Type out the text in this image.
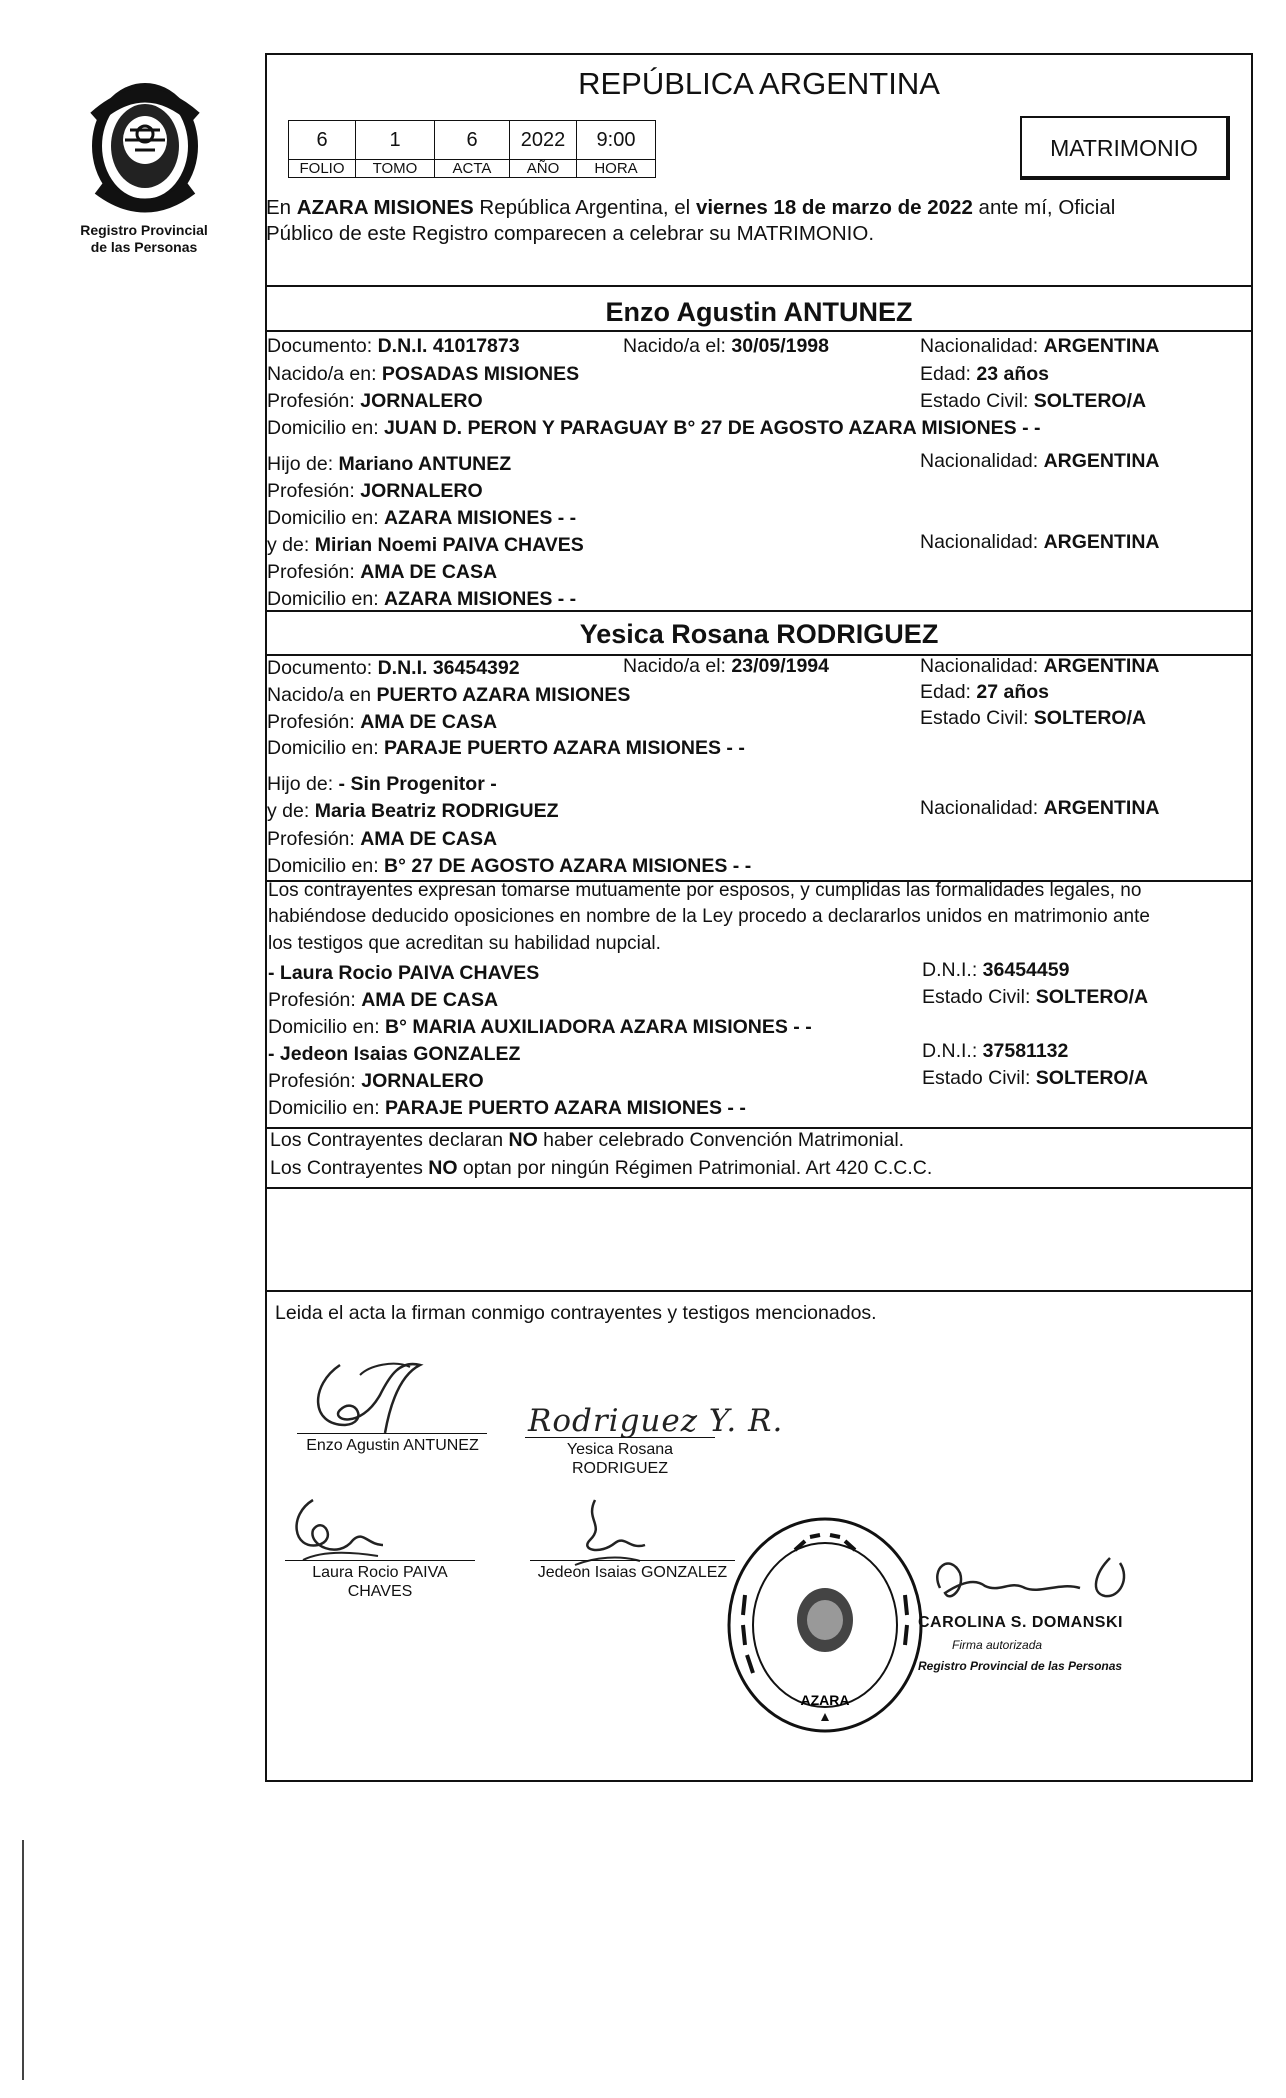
Registro Provincial
de las Personas
REPÚBLICA ARGENTINA
6	1	6	2022	9:00
FOLIO	TOMO	ACTA	AÑO	HORA
MATRIMONIO
En AZARA MISIONES República Argentina, el viernes 18 de marzo de 2022 ante mí, Oficial
Público de este Registro comparecen a celebrar su MATRIMONIO.
Enzo Agustin ANTUNEZ
Documento: D.N.I. 41017873	Nacido/a el: 30/05/1998	Nacionalidad: ARGENTINA
Nacido/a en: POSADAS MISIONES	Edad: 23 años
Profesión: JORNALERO	Estado Civil: SOLTERO/A
Domicilio en: JUAN D. PERON Y PARAGUAY B° 27 DE AGOSTO AZARA MISIONES - -
Hijo de: Mariano ANTUNEZ	Nacionalidad: ARGENTINA
Profesión: JORNALERO
Domicilio en: AZARA MISIONES - -
y de: Mirian Noemi PAIVA CHAVES	Nacionalidad: ARGENTINA
Profesión: AMA DE CASA
Domicilio en: AZARA MISIONES - -
Yesica Rosana RODRIGUEZ
Documento: D.N.I. 36454392	Nacido/a el: 23/09/1994	Nacionalidad: ARGENTINA
Nacido/a en PUERTO AZARA MISIONES	Edad: 27 años
Profesión: AMA DE CASA	Estado Civil: SOLTERO/A
Domicilio en: PARAJE PUERTO AZARA MISIONES - -
Hijo de: - Sin Progenitor -
y de: Maria Beatriz RODRIGUEZ	Nacionalidad: ARGENTINA
Profesión: AMA DE CASA
Domicilio en: B° 27 DE AGOSTO AZARA MISIONES - -
Los contrayentes expresan tomarse mutuamente por esposos, y cumplidas las formalidades legales, no
habiéndose deducido oposiciones en nombre de la Ley procedo a declararlos unidos en matrimonio ante
los testigos que acreditan su habilidad nupcial.
- Laura Rocio PAIVA CHAVES	D.N.I.: 36454459
Profesión: AMA DE CASA	Estado Civil: SOLTERO/A
Domicilio en: B° MARIA AUXILIADORA AZARA MISIONES - -
- Jedeon Isaias GONZALEZ	D.N.I.: 37581132
Profesión: JORNALERO	Estado Civil: SOLTERO/A
Domicilio en: PARAJE PUERTO AZARA MISIONES - -
Los Contrayentes declaran NO haber celebrado Convención Matrimonial.
Los Contrayentes NO optan por ningún Régimen Patrimonial. Art 420 C.C.C.
Leida el acta la firman conmigo contrayentes y testigos mencionados.
Enzo Agustin ANTUNEZ
Rodriguez Y. R.
Yesica Rosana
RODRIGUEZ
Laura Rocio PAIVA
CHAVES
Jedeon Isaias GONZALEZ
AZARA
CAROLINA S. DOMANSKI
Firma autorizada
Registro Provincial de las Personas
